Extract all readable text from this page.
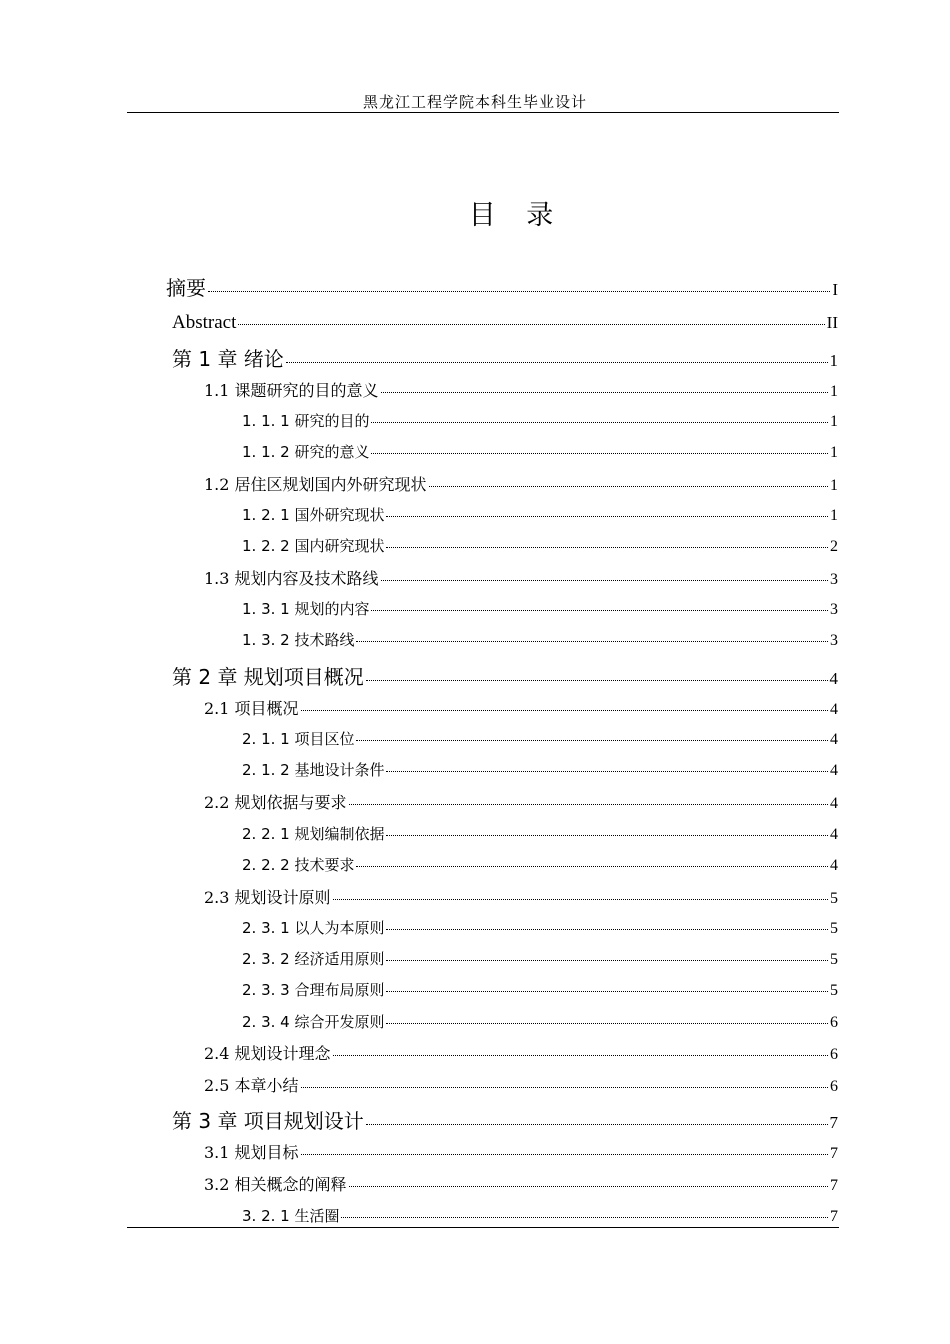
黑龙江工程学院本科生毕业设计
目 录
摘要	I
Abstract	II
第 1 章 绪论	1
1.1 课题研究的目的意义	1
1. 1. 1 研究的目的	1
1. 1. 2 研究的意义	1
1.2 居住区规划国内外研究现状	1
1. 2. 1 国外研究现状	1
1. 2. 2 国内研究现状	2
1.3 规划内容及技术路线	3
1. 3. 1 规划的内容	3
1. 3. 2 技术路线	3
第 2 章 规划项目概况	4
2.1 项目概况	4
2. 1. 1 项目区位	4
2. 1. 2 基地设计条件	4
2.2 规划依据与要求	4
2. 2. 1 规划编制依据	4
2. 2. 2 技术要求	4
2.3 规划设计原则	5
2. 3. 1 以人为本原则	5
2. 3. 2 经济适用原则	5
2. 3. 3 合理布局原则	5
2. 3. 4 综合开发原则	6
2.4 规划设计理念	6
2.5 本章小结	6
第 3 章 项目规划设计	7
3.1 规划目标	7
3.2 相关概念的阐释	7
3. 2. 1 生活圈	7
